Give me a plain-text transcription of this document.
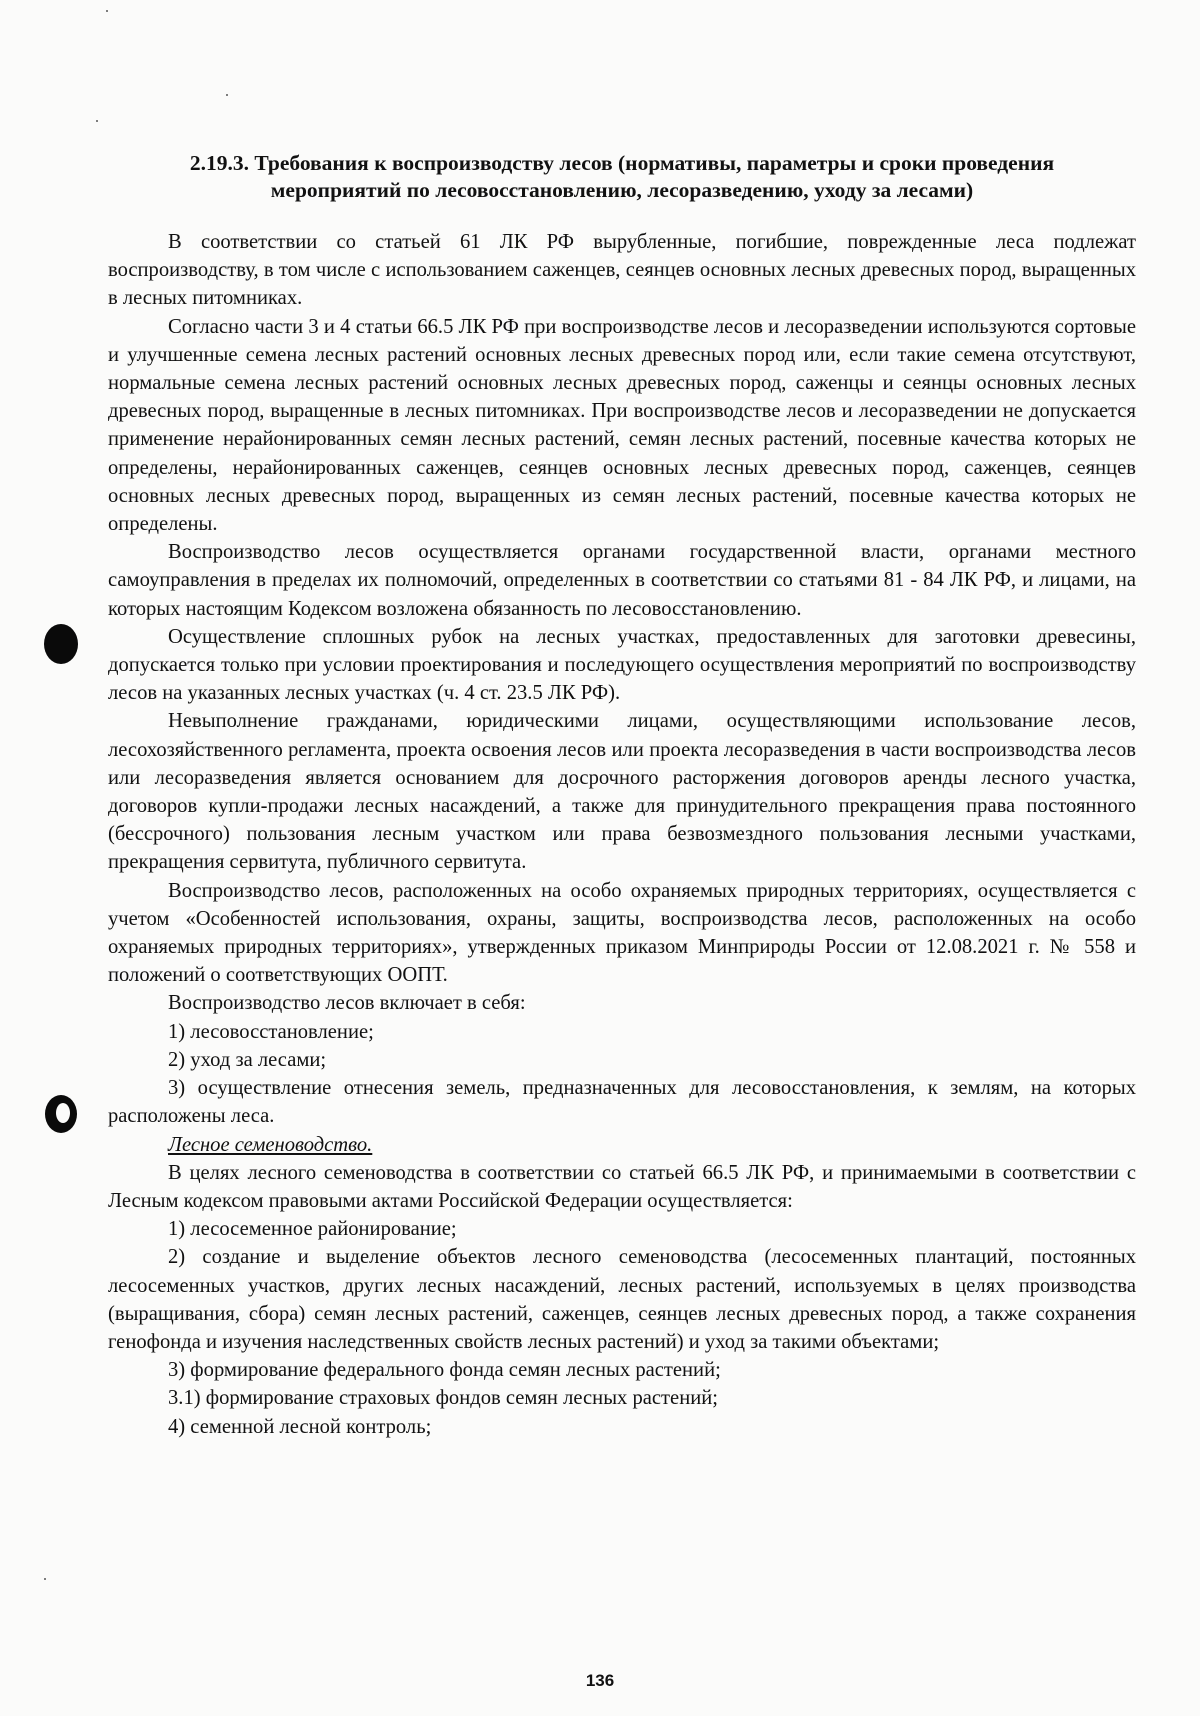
2.19.3. Требования к воспроизводству лесов (нормативы, параметры и сроки проведения
мероприятий по лесовосстановлению, лесоразведению, уходу за лесами)

В соответствии со статьей 61 ЛК РФ вырубленные, погибшие, поврежденные леса подлежат воспроизводству, в том числе с использованием саженцев, сеянцев основных лесных древесных пород, выращенных в лесных питомниках.

Согласно части 3 и 4 статьи 66.5 ЛК РФ при воспроизводстве лесов и лесоразведении используются сортовые и улучшенные семена лесных растений основных лесных древесных пород или, если такие семена отсутствуют, нормальные семена лесных растений основных лесных древесных пород, саженцы и сеянцы основных лесных древесных пород, выращенные в лесных питомниках. При воспроизводстве лесов и лесоразведении не допускается применение нерайонированных семян лесных растений, семян лесных растений, посевные качества которых не определены, нерайонированных саженцев, сеянцев основных лесных древесных пород, саженцев, сеянцев основных лесных древесных пород, выращенных из семян лесных растений, посевные качества которых не определены.

Воспроизводство лесов осуществляется органами государственной власти, органами местного самоуправления в пределах их полномочий, определенных в соответствии со статьями 81 - 84 ЛК РФ, и лицами, на которых настоящим Кодексом возложена обязанность по лесовосстановлению.

Осуществление сплошных рубок на лесных участках, предоставленных для заготовки древесины, допускается только при условии проектирования и последующего осуществления мероприятий по воспроизводству лесов на указанных лесных участках (ч. 4 ст. 23.5 ЛК РФ).

Невыполнение гражданами, юридическими лицами, осуществляющими использование лесов, лесохозяйственного регламента, проекта освоения лесов или проекта лесоразведения в части воспроизводства лесов или лесоразведения является основанием для досрочного расторжения договоров аренды лесного участка, договоров купли-продажи лесных насаждений, а также для принудительного прекращения права постоянного (бессрочного) пользования лесным участком или права безвозмездного пользования лесными участками, прекращения сервитута, публичного сервитута.

Воспроизводство лесов, расположенных на особо охраняемых природных территориях, осуществляется с учетом «Особенностей использования, охраны, защиты, воспроизводства лесов, расположенных на особо охраняемых природных территориях», утвержденных приказом Минприроды России от 12.08.2021 г. № 558 и положений о соответствующих ООПТ.

Воспроизводство лесов включает в себя:

1) лесовосстановление;

2) уход за лесами;

3) осуществление отнесения земель, предназначенных для лесовосстановления, к землям, на которых расположены леса.

Лесное семеноводство.

В целях лесного семеноводства в соответствии со статьей 66.5 ЛК РФ, и принимаемыми в соответствии с Лесным кодексом правовыми актами Российской Федерации осуществляется:

1) лесосеменное районирование;

2) создание и выделение объектов лесного семеноводства (лесосеменных плантаций, постоянных лесосеменных участков, других лесных насаждений, лесных растений, используемых в целях производства (выращивания, сбора) семян лесных растений, саженцев, сеянцев лесных древесных пород, а также сохранения генофонда и изучения наследственных свойств лесных растений) и уход за такими объектами;

3) формирование федерального фонда семян лесных растений;

3.1) формирование страховых фондов семян лесных растений;

4) семенной лесной контроль;

136
